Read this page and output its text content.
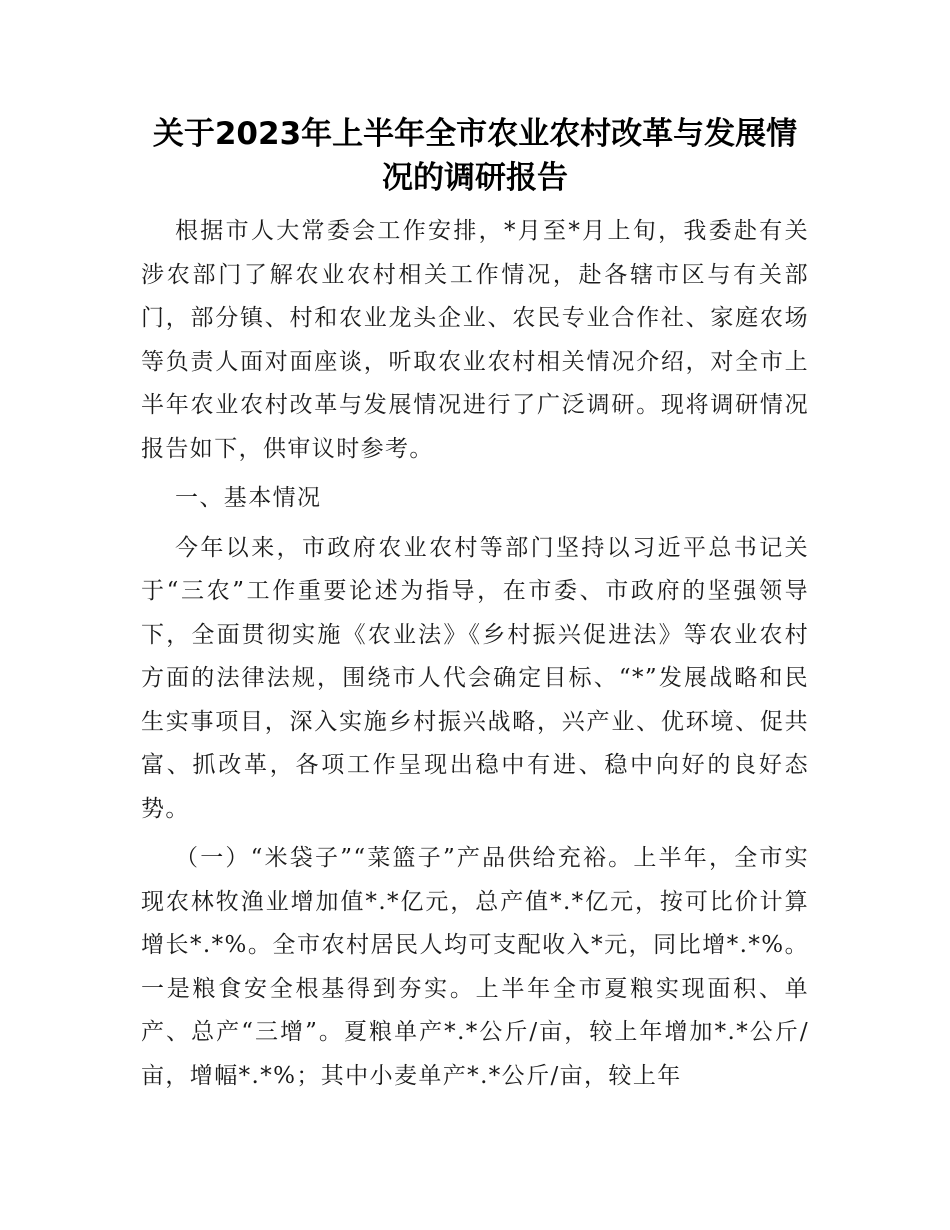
关于2023年上半年全市农业农村改革与发展情况的调研报告

根据市人大常委会工作安排，*月至*月上旬，我委赴有关涉农部门了解农业农村相关工作情况，赴各辖市区与有关部门，部分镇、村和农业龙头企业、农民专业合作社、家庭农场等负责人面对面座谈，听取农业农村相关情况介绍，对全市上半年农业农村改革与发展情况进行了广泛调研。现将调研情况报告如下，供审议时参考。

一、基本情况

今年以来，市政府农业农村等部门坚持以习近平总书记关于“三农”工作重要论述为指导，在市委、市政府的坚强领导下，全面贯彻实施《农业法》《乡村振兴促进法》等农业农村方面的法律法规，围绕市人代会确定目标、“*”发展战略和民生实事项目，深入实施乡村振兴战略，兴产业、优环境、促共富、抓改革，各项工作呈现出稳中有进、稳中向好的良好态势。

（一）“米袋子”“菜篮子”产品供给充裕。上半年，全市实现农林牧渔业增加值*.*亿元，总产值*.*亿元，按可比价计算增长*.*%。全市农村居民人均可支配收入*元，同比增*.*%。一是粮食安全根基得到夯实。上半年全市夏粮实现面积、单产、总产“三增”。夏粮单产*.*公斤/亩，较上年增加*.*公斤/亩，增幅*.*%；其中小麦单产*.*公斤/亩，较上年
